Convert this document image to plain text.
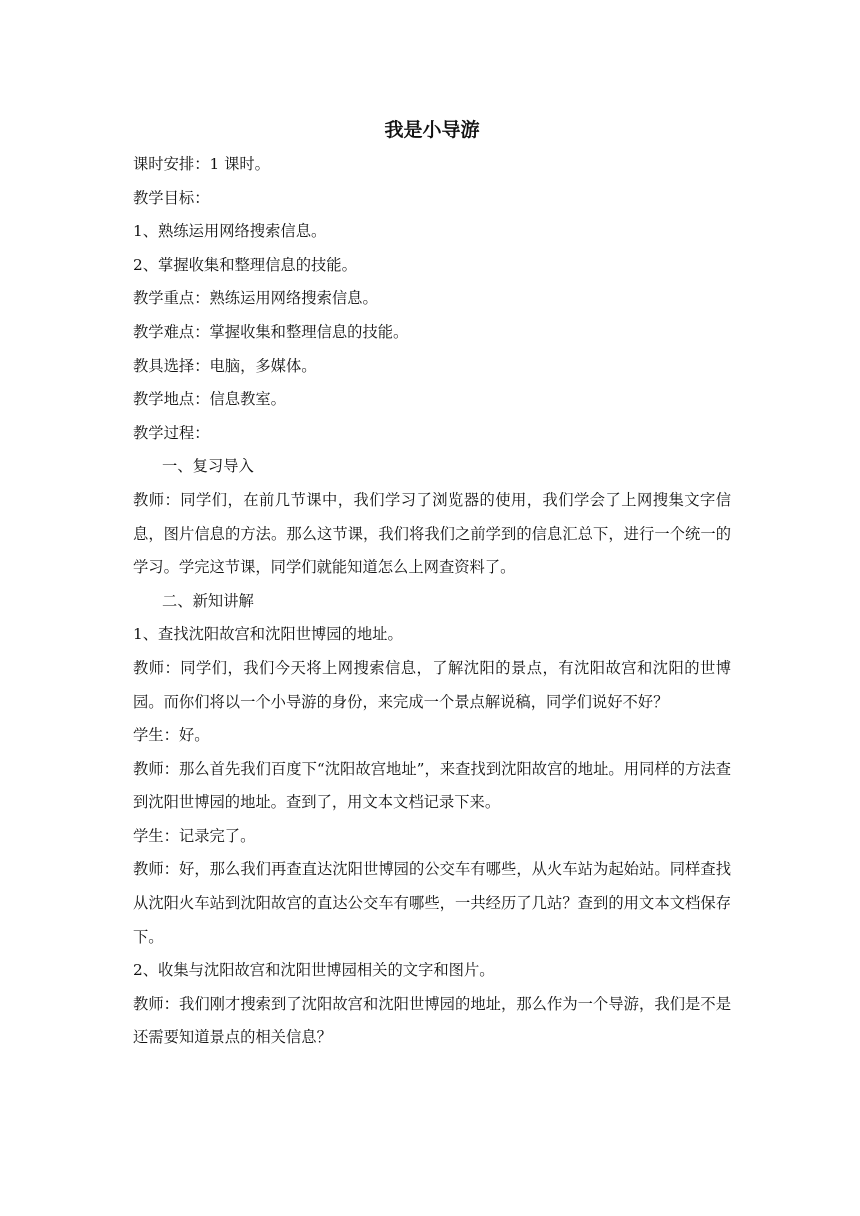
我是小导游

课时安排：1 课时。

教学目标：

1、熟练运用网络搜索信息。

2、掌握收集和整理信息的技能。

教学重点：熟练运用网络搜索信息。

教学难点：掌握收集和整理信息的技能。

教具选择：电脑，多媒体。

教学地点：信息教室。

教学过程：

一、复习导入

教师：同学们，在前几节课中，我们学习了浏览器的使用，我们学会了上网搜集文字信息，图片信息的方法。那么这节课，我们将我们之前学到的信息汇总下，进行一个统一的学习。学完这节课，同学们就能知道怎么上网查资料了。

二、新知讲解

1、查找沈阳故宫和沈阳世博园的地址。

教师：同学们，我们今天将上网搜索信息，了解沈阳的景点，有沈阳故宫和沈阳的世博园。而你们将以一个小导游的身份，来完成一个景点解说稿，同学们说好不好？

学生：好。

教师：那么首先我们百度下“沈阳故宫地址”，来查找到沈阳故宫的地址。用同样的方法查到沈阳世博园的地址。查到了，用文本文档记录下来。

学生：记录完了。

教师：好，那么我们再查直达沈阳世博园的公交车有哪些，从火车站为起始站。同样查找从沈阳火车站到沈阳故宫的直达公交车有哪些，一共经历了几站？查到的用文本文档保存下。

2、收集与沈阳故宫和沈阳世博园相关的文字和图片。

教师：我们刚才搜索到了沈阳故宫和沈阳世博园的地址，那么作为一个导游，我们是不是还需要知道景点的相关信息？
